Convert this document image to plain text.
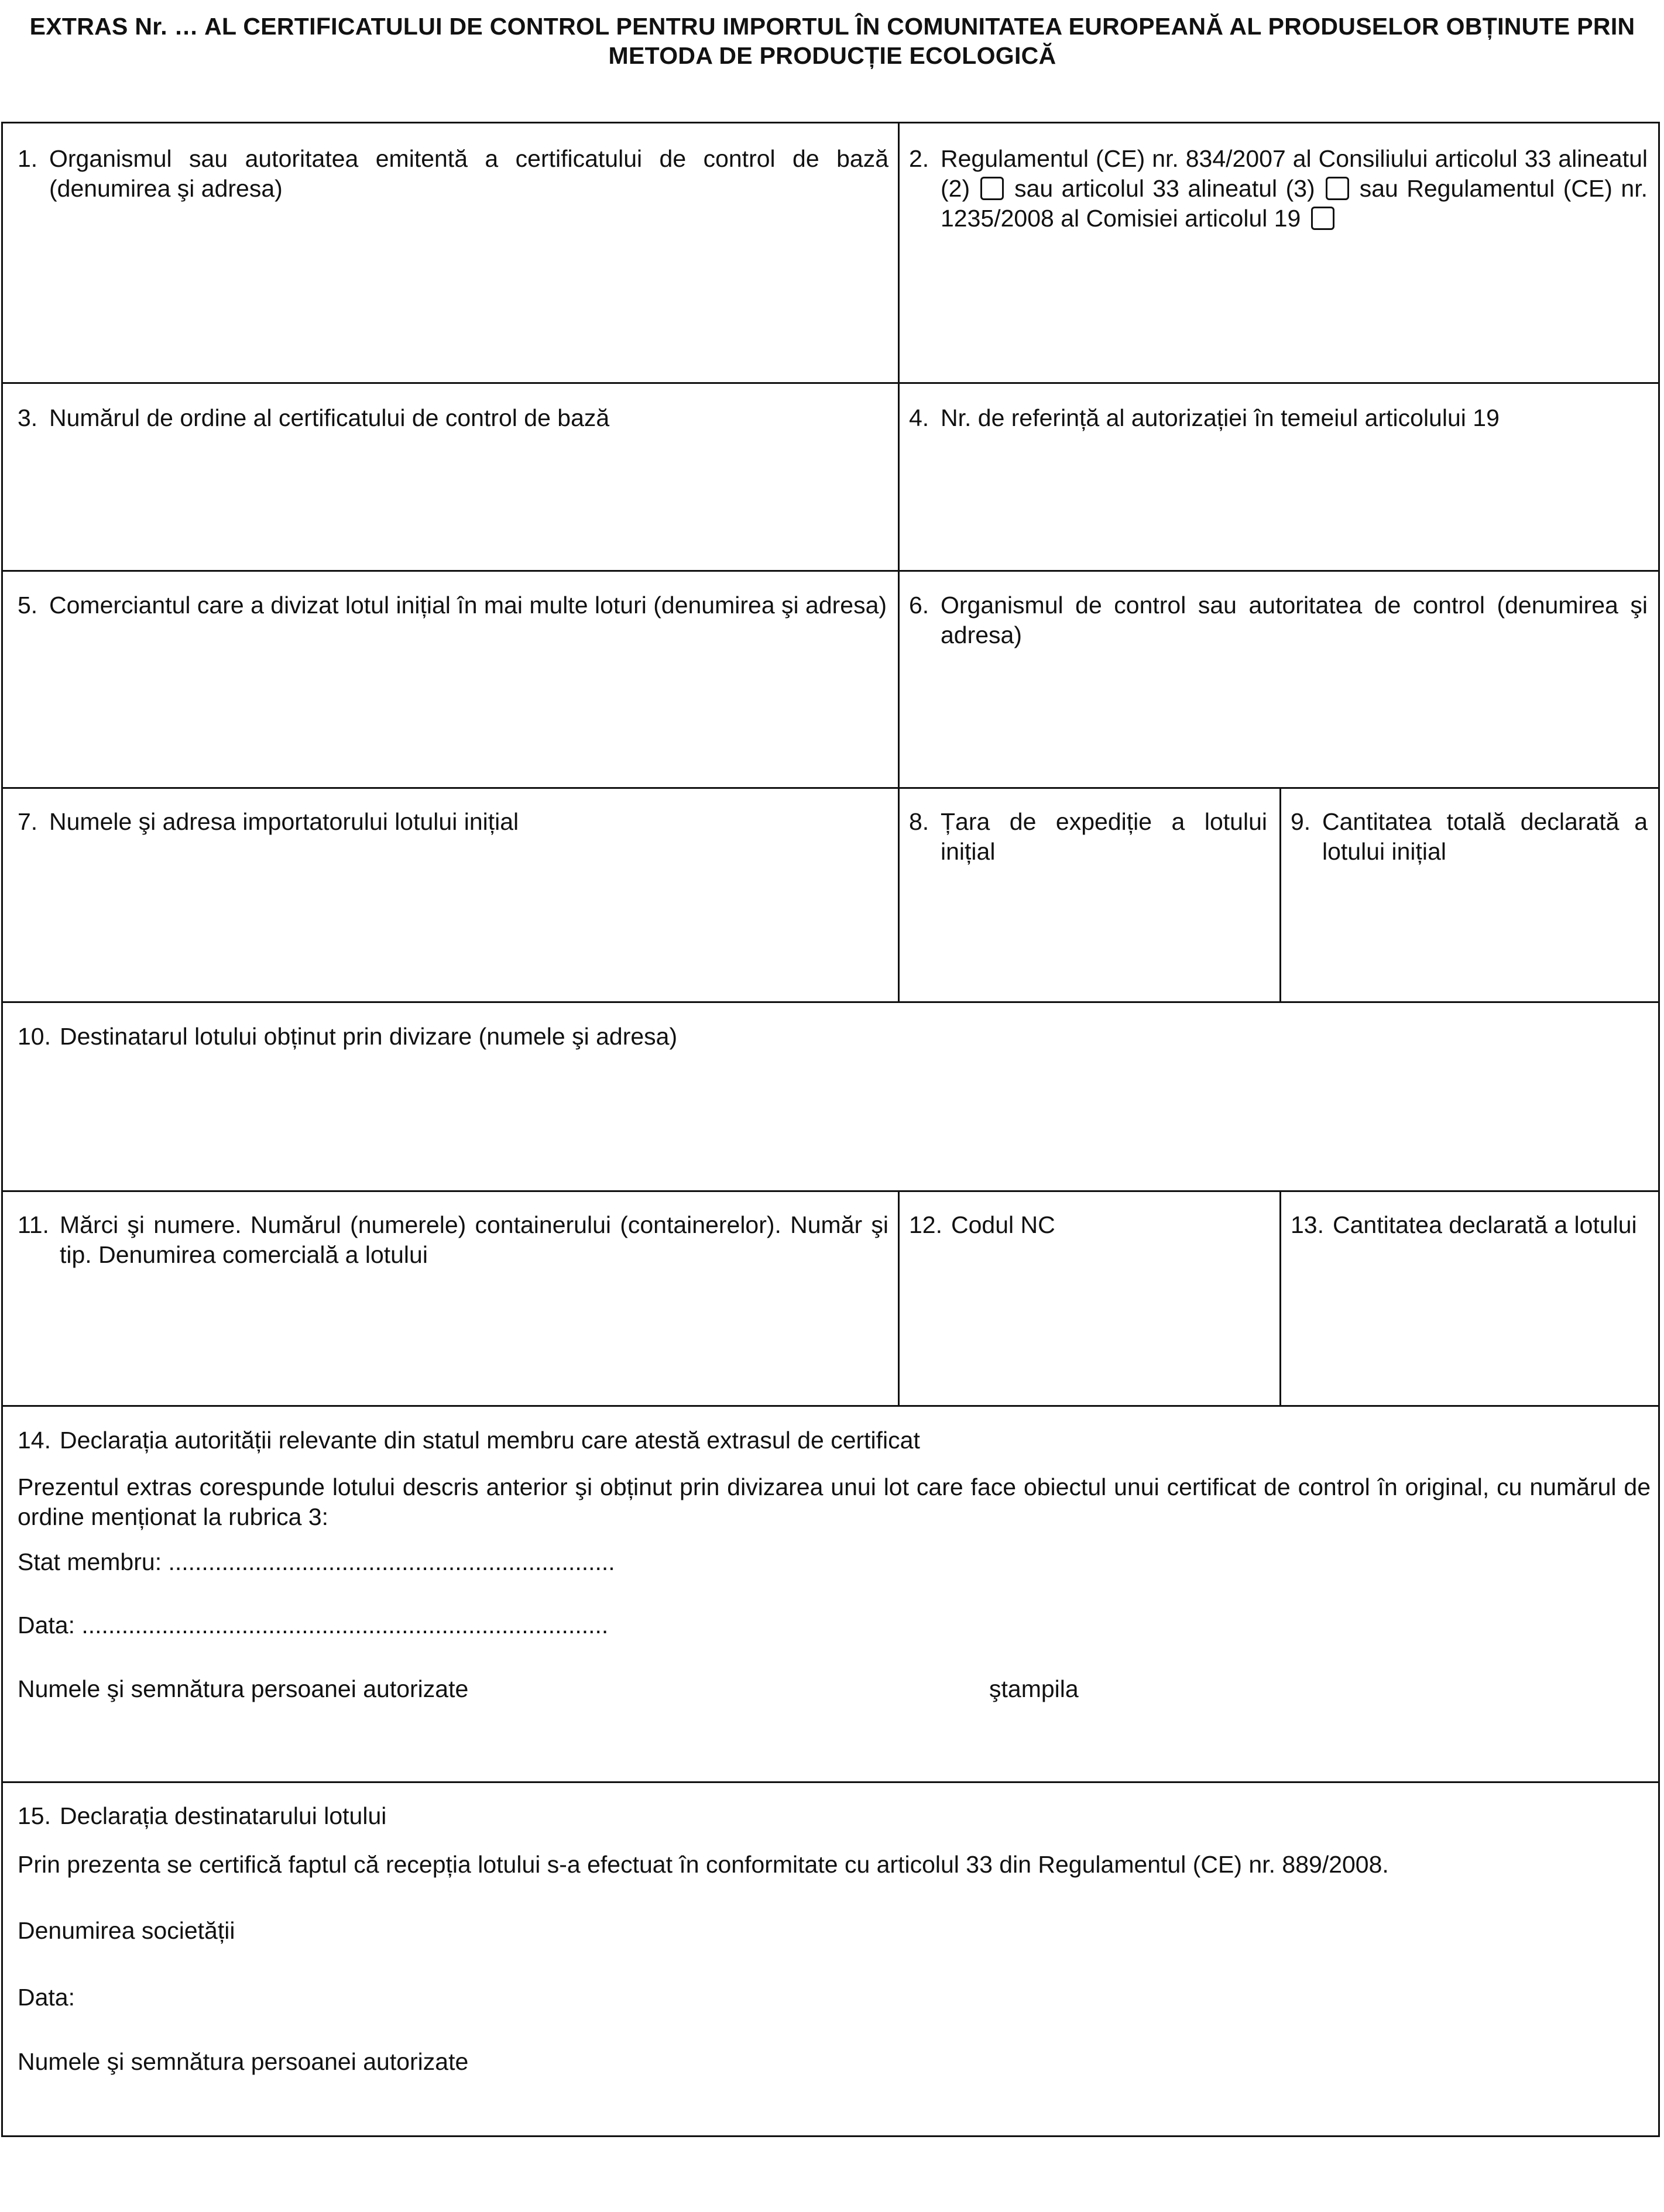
EXTRAS Nr. … AL CERTIFICATULUI DE CONTROL PENTRU IMPORTUL ÎN COMUNITATEA EUROPEANĂ AL PRODUSELOR OBȚINUTE PRIN METODA DE PRODUCȚIE ECOLOGICĂ
1. Organismul sau autoritatea emitentă a certificatului de control de bază (denumirea şi adresa)
2. Regulamentul (CE) nr. 834/2007 al Consiliului articolul 33 alineatul (2) sau articolul 33 alineatul (3) sau Regulamentul (CE) nr. 1235/2008 al Comisiei articolul 19
3. Numărul de ordine al certificatului de control de bază	4. Nr. de referință al autorizației în temeiul articolului 19
5. Comerciantul care a divizat lotul inițial în mai multe loturi (denumirea şi adresa) 6. Organismul de control sau autoritatea de control (denumirea şi adresa)
7. Numele şi adresa importatorului lotului inițial	8. Țara de expediție a lotului inițial
9. Cantitatea totală declarată a lotului inițial
10. Destinatarul lotului obținut prin divizare (numele şi adresa)
11. Mărci şi numere. Numărul (numerele) containerului (containerelor). Număr şi tip. Denumirea comercială a lotului
12. Codul NC	13. Cantitatea declarată a lotului
14. Declarația autorității relevante din statul membru care atestă extrasul de certificat
Prezentul extras corespunde lotului descris anterior şi obținut prin divizarea unui lot care face obiectul unui certificat de control în original, cu numărul de ordine menționat la rubrica 3:
Stat membru: ...................................................................
Data: ...............................................................................
Numele şi semnătura persoanei autorizate	ştampila
15. Declarația destinatarului lotului
Prin prezenta se certifică faptul că recepția lotului s-a efectuat în conformitate cu articolul 33 din Regulamentul (CE) nr. 889/2008.
Denumirea societății
Data:
Numele şi semnătura persoanei autorizate
